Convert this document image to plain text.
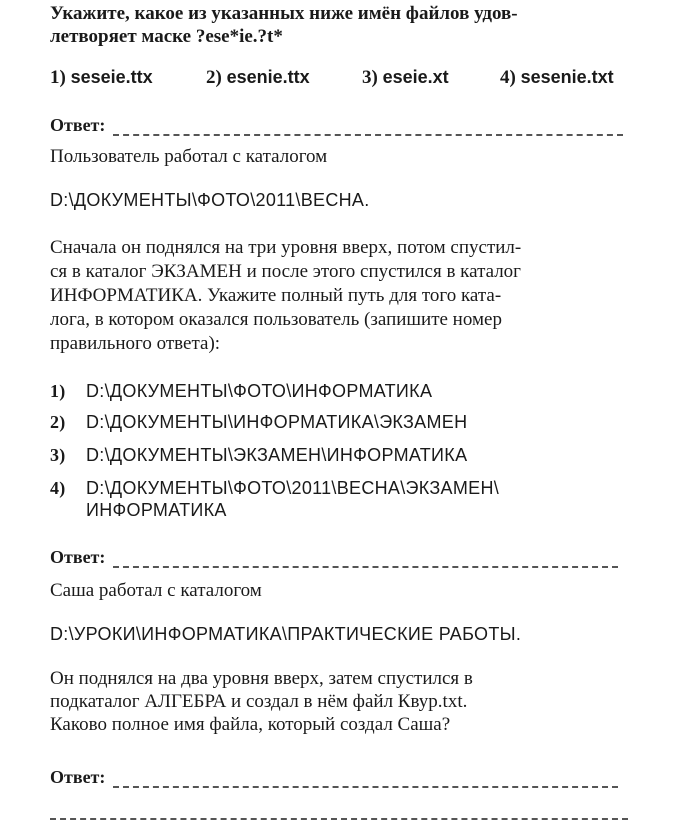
Укажите, какое из указанных ниже имён файлов удов-
летворяет маске ?ese*ie.?t*
1) seseie.ttx	2) esenie.ttx	3) eseie.xt	4) sesenie.txt
Ответ:
Пользователь работал с каталогом
D:\ДОКУМЕНТЫ\ФОТО\2011\ВЕСНА.
Сначала он поднялся на три уровня вверх, потом спустил-
ся в каталог ЭКЗАМЕН и после этого спустился в каталог
ИНФОРМАТИКА. Укажите полный путь для того ката-
лога, в котором оказался пользователь (запишите номер
правильного ответа):
1) D:\ДОКУМЕНТЫ\ФОТО\ИНФОРМАТИКА
2) D:\ДОКУМЕНТЫ\ИНФОРМАТИКА\ЭКЗАМЕН
3) D:\ДОКУМЕНТЫ\ЭКЗАМЕН\ИНФОРМАТИКА
4) D:\ДОКУМЕНТЫ\ФОТО\2011\ВЕСНА\ЭКЗАМЕН\
ИНФОРМАТИКА
Ответ:
Саша работал с каталогом
D:\УРОКИ\ИНФОРМАТИКА\ПРАКТИЧЕСКИЕ РАБОТЫ.
Он поднялся на два уровня вверх, затем спустился в
подкаталог АЛГЕБРА и создал в нём файл Квур.txt.
Каково полное имя файла, который создал Саша?
Ответ:
